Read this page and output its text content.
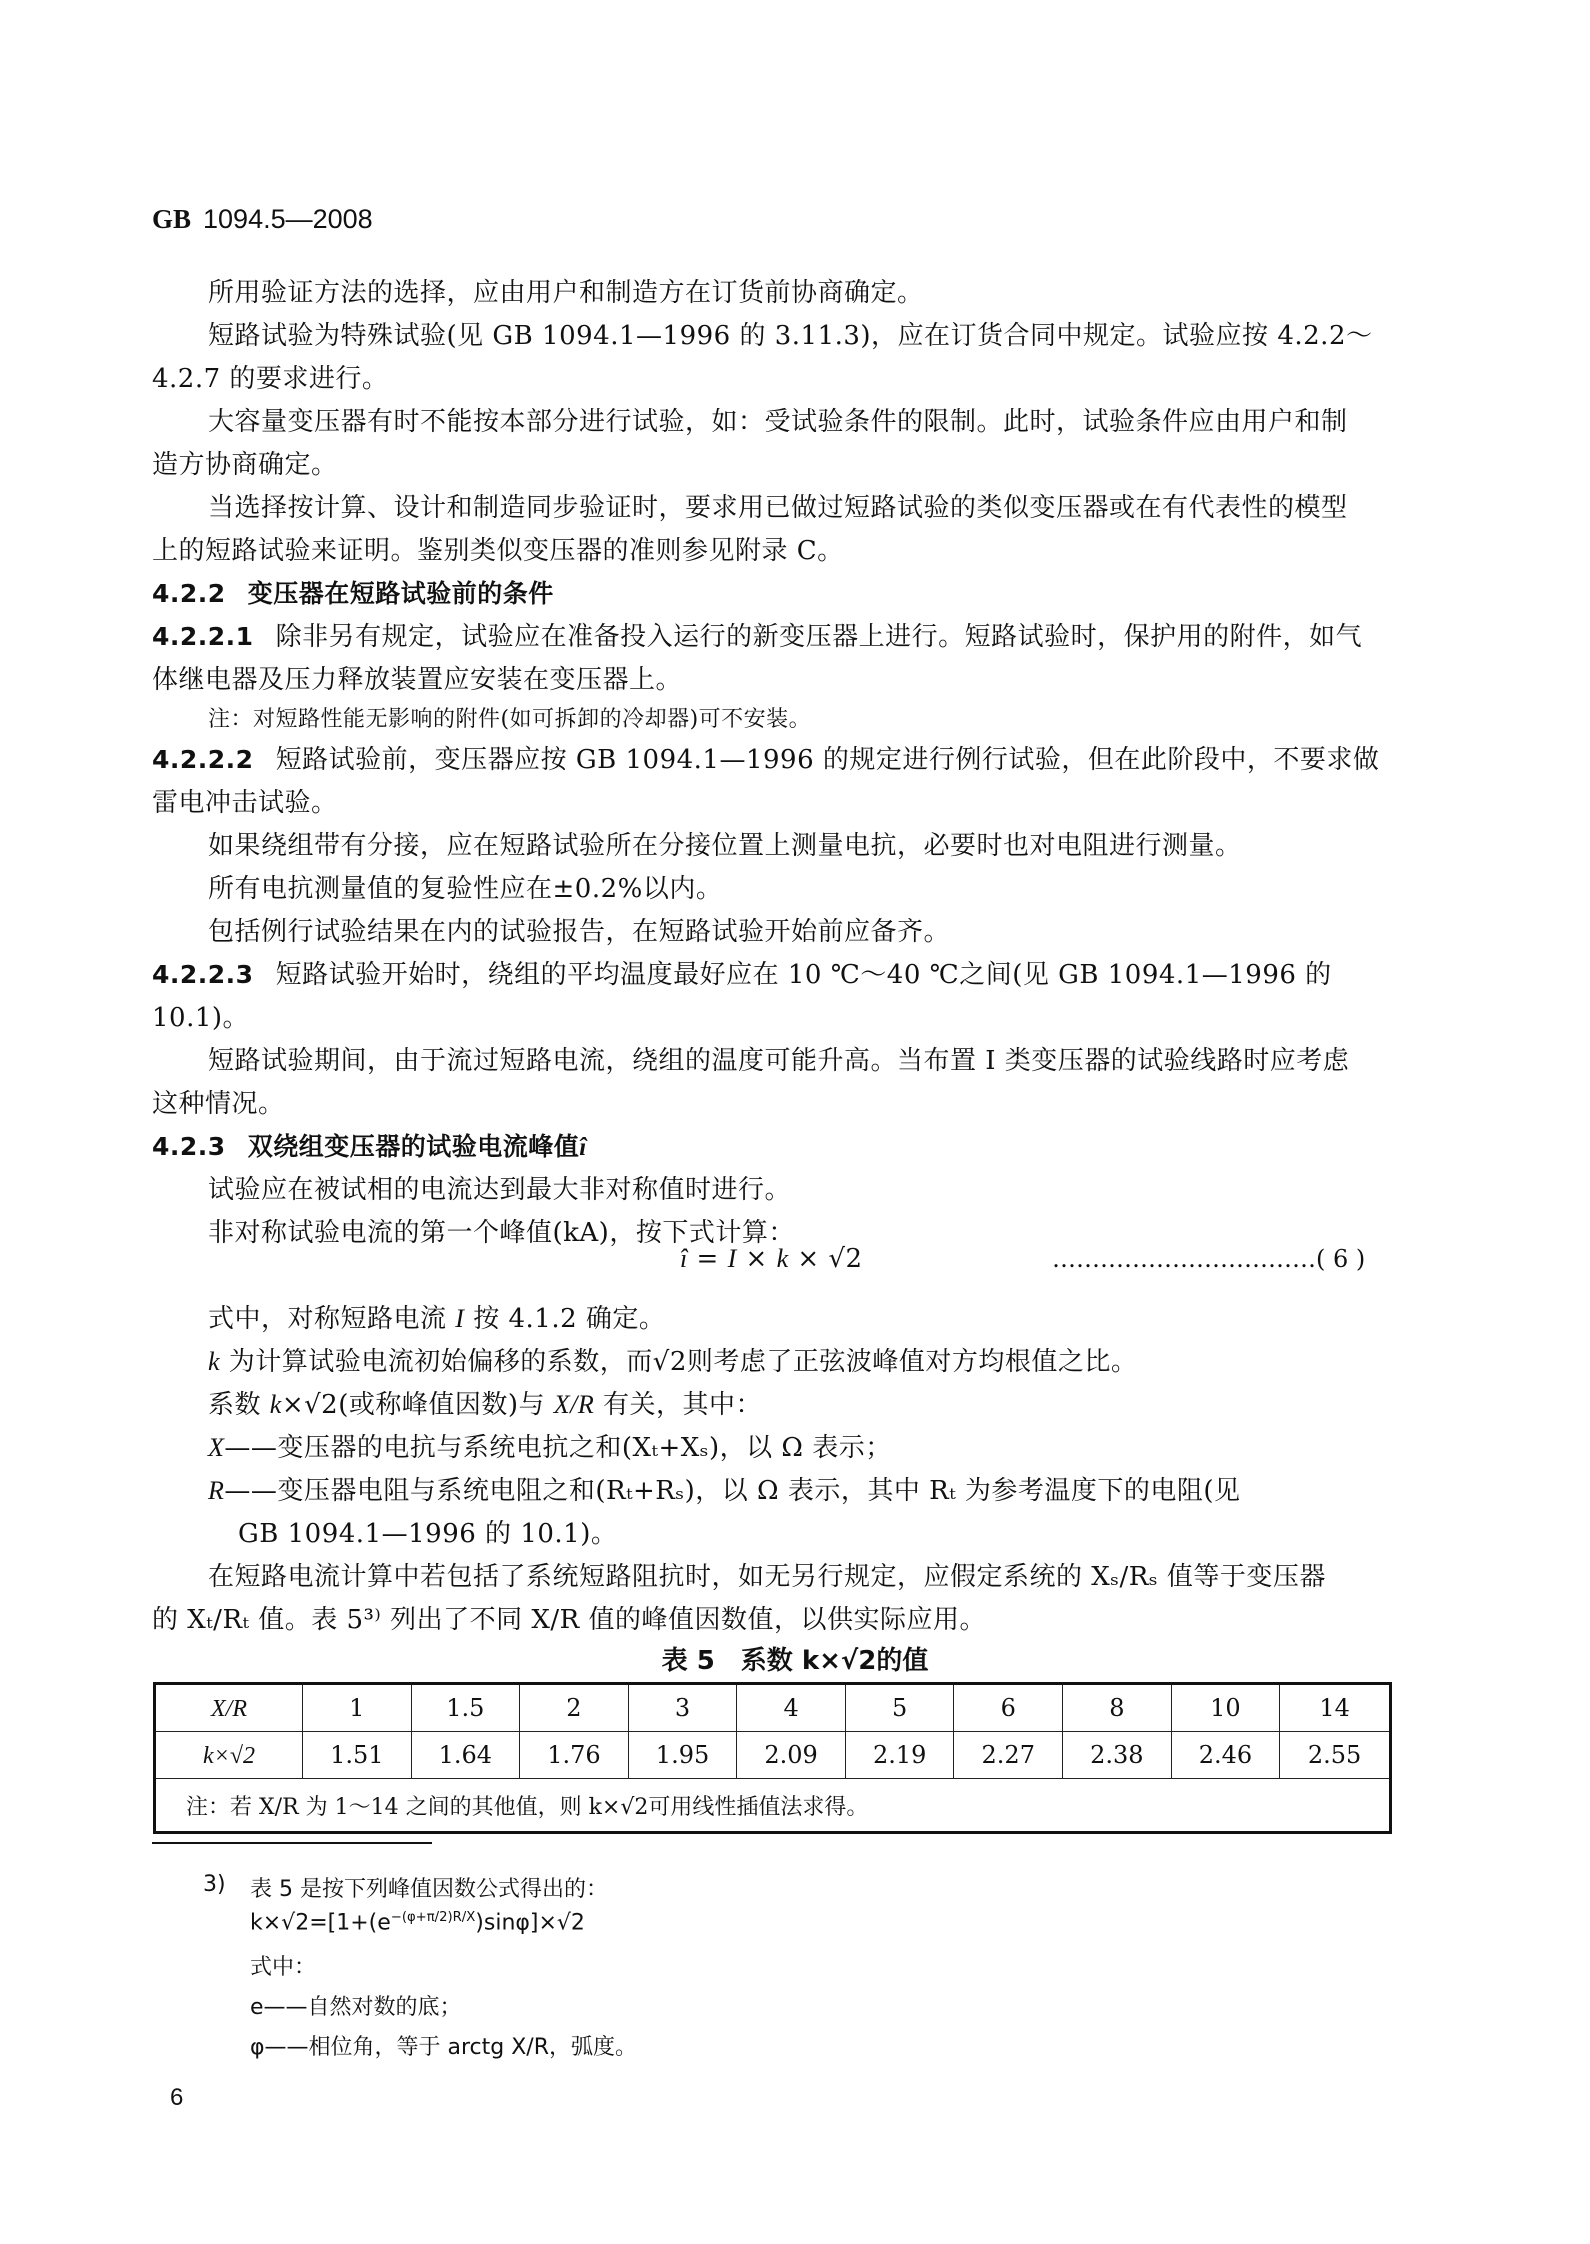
GB 1094.5—2008
所用验证方法的选择，应由用户和制造方在订货前协商确定。
短路试验为特殊试验(见 GB 1094.1—1996 的 3.11.3)，应在订货合同中规定。试验应按 4.2.2～
4.2.7 的要求进行。
大容量变压器有时不能按本部分进行试验，如：受试验条件的限制。此时，试验条件应由用户和制
造方协商确定。
当选择按计算、设计和制造同步验证时，要求用已做过短路试验的类似变压器或在有代表性的模型
上的短路试验来证明。鉴别类似变压器的准则参见附录 C。
4.2.2 变压器在短路试验前的条件
4.2.2.1 除非另有规定，试验应在准备投入运行的新变压器上进行。短路试验时，保护用的附件，如气
体继电器及压力释放装置应安装在变压器上。
注：对短路性能无影响的附件(如可拆卸的冷却器)可不安装。
4.2.2.2 短路试验前，变压器应按 GB 1094.1—1996 的规定进行例行试验，但在此阶段中，不要求做
雷电冲击试验。
如果绕组带有分接，应在短路试验所在分接位置上测量电抗，必要时也对电阻进行测量。
所有电抗测量值的复验性应在±0.2%以内。
包括例行试验结果在内的试验报告，在短路试验开始前应备齐。
4.2.2.3 短路试验开始时，绕组的平均温度最好应在 10 ℃～40 ℃之间(见 GB 1094.1—1996 的
10.1)。
短路试验期间，由于流过短路电流，绕组的温度可能升高。当布置 I 类变压器的试验线路时应考虑
这种情况。
4.2.3 双绕组变压器的试验电流峰值î
试验应在被试相的电流达到最大非对称值时进行。
非对称试验电流的第一个峰值(kA)，按下式计算：
î = I × k × √2	……………………………( 6 )
式中，对称短路电流 I 按 4.1.2 确定。
k 为计算试验电流初始偏移的系数，而√2则考虑了正弦波峰值对方均根值之比。
系数 k×√2(或称峰值因数)与 X/R 有关，其中：
X——变压器的电抗与系统电抗之和(Xₜ+Xₛ)，以 Ω 表示；
R——变压器电阻与系统电阻之和(Rₜ+Rₛ)，以 Ω 表示，其中 Rₜ 为参考温度下的电阻(见
GB 1094.1—1996 的 10.1)。
在短路电流计算中若包括了系统短路阻抗时，如无另行规定，应假定系统的 Xₛ/Rₛ 值等于变压器
的 Xₜ/Rₜ 值。表 5³⁾ 列出了不同 X/R 值的峰值因数值，以供实际应用。
表 5　系数 k×√2的值
X/R	1	1.5	2	3	4	5	6	8	10	14
k×√2	1.51	1.64	1.76	1.95	2.09	2.19	2.27	2.38	2.46	2.55
注：若 X/R 为 1～14 之间的其他值，则 k×√2可用线性插值法求得。										
3) 表 5 是按下列峰值因数公式得出的：
$k\times√2=[1+(e^{-(\varphi+\pi/2)R/X})\sin\varphi]\times√2$
式中：
e——自然对数的底；
φ——相位角，等于 arctg X/R，弧度。
6
